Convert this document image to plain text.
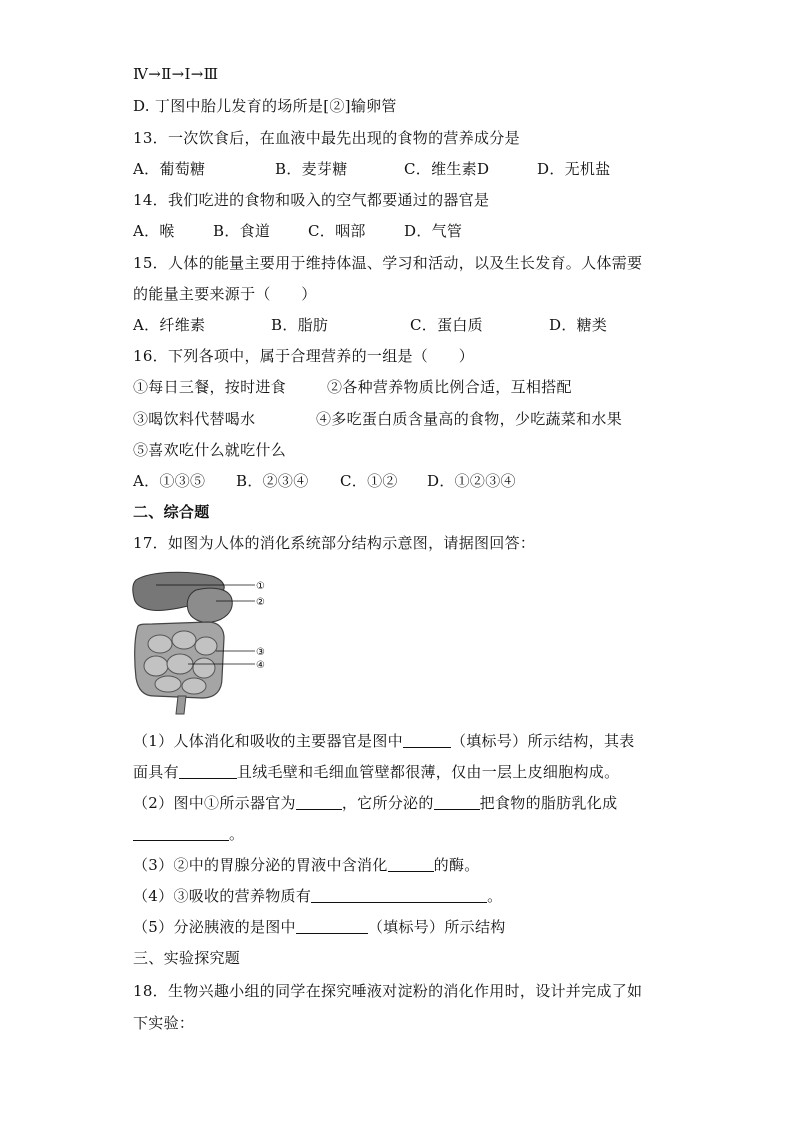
Ⅳ→Ⅱ→Ⅰ→Ⅲ
D. 丁图中胎儿发育的场所是[②]输卵管
13．一次饮食后，在血液中最先出现的食物的营养成分是
A．葡萄糖	B．麦芽糖	C．维生素D	D．无机盐
14．我们吃进的食物和吸入的空气都要通过的器官是
A．喉	B．食道	C．咽部	D．气管
15．人体的能量主要用于维持体温、学习和活动，以及生长发育。人体需要
的能量主要来源于（　　）
A．纤维素	B．脂肪	C．蛋白质	D．糖类
16．下列各项中，属于合理营养的一组是（　　）
①每日三餐，按时进食	②各种营养物质比例合适，互相搭配
③喝饮料代替喝水	④多吃蛋白质含量高的食物，少吃蔬菜和水果
⑤喜欢吃什么就吃什么
A．①③⑤ B．②③④ C．①② D．①②③④
二、综合题
17．如图为人体的消化系统部分结构示意图，请据图回答：
①
②
③
④
（1）人体消化和吸收的主要器官是图中	（填标号）所示结构，其表
面具有	且绒毛壁和毛细血管壁都很薄，仅由一层上皮细胞构成。
（2）图中①所示器官为	，它所分泌的	把食物的脂肪乳化成
。
（3）②中的胃腺分泌的胃液中含消化	的酶。
（4）③吸收的营养物质有	。
（5）分泌胰液的是图中	（填标号）所示结构
三、实验探究题
18．生物兴趣小组的同学在探究唾液对淀粉的消化作用时，设计并完成了如
下实验：
